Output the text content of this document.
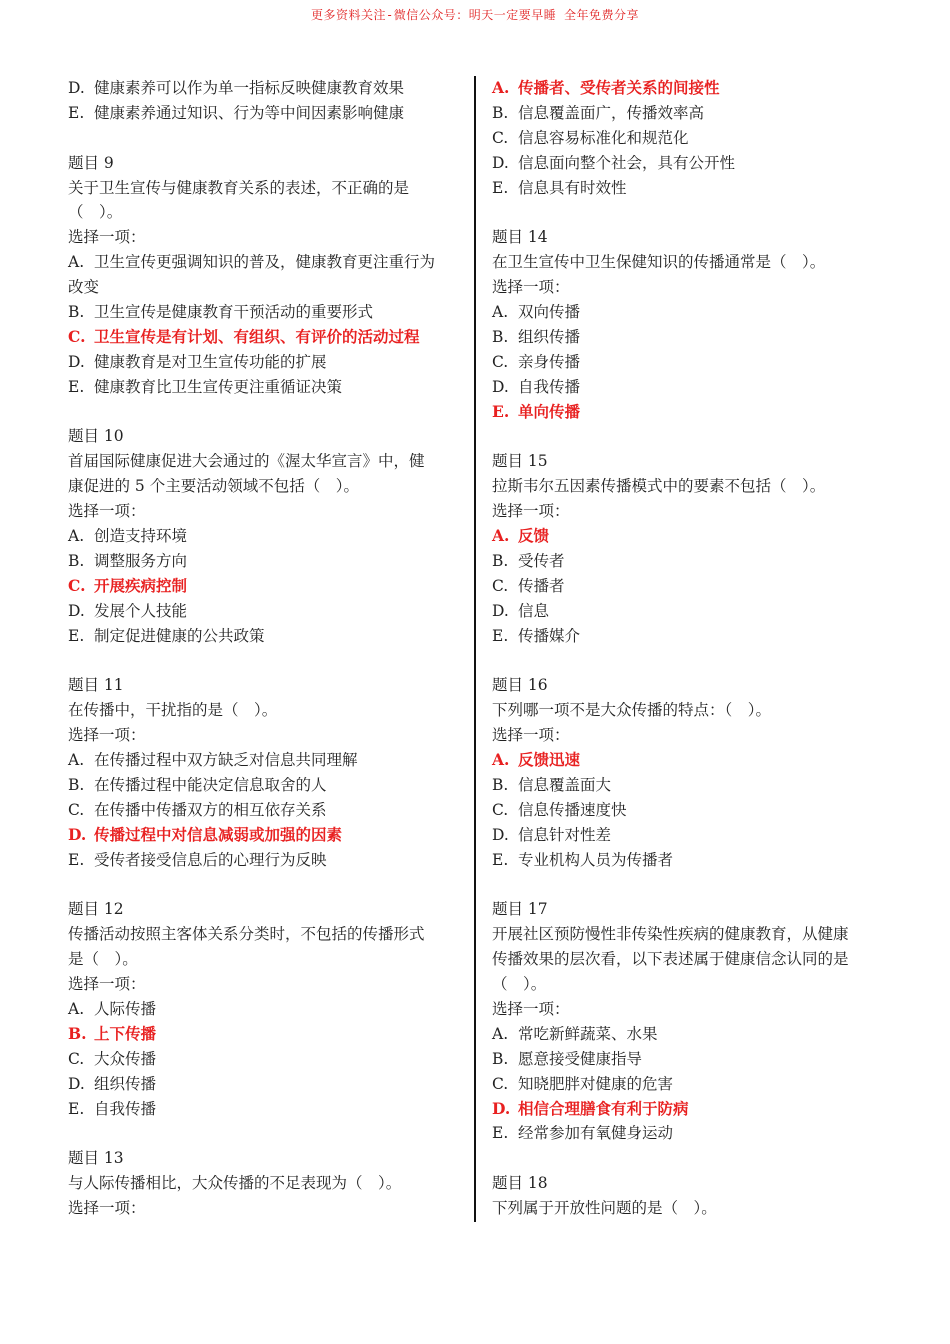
更多资料关注-微信公众号：明天一定要早睡 全年免费分享
D. 健康素养可以作为单一指标反映健康教育效果
E. 健康素养通过知识、行为等中间因素影响健康
题目 9
关于卫生宣传与健康教育关系的表述，不正确的是
（　）。
选择一项：
A. 卫生宣传更强调知识的普及，健康教育更注重行为
改变
B. 卫生宣传是健康教育干预活动的重要形式
C. 卫生宣传是有计划、有组织、有评价的活动过程
D. 健康教育是对卫生宣传功能的扩展
E. 健康教育比卫生宣传更注重循证决策
题目 10
首届国际健康促进大会通过的《渥太华宣言》中，健
康促进的 5 个主要活动领域不包括（　）。
选择一项：
A. 创造支持环境
B. 调整服务方向
C. 开展疾病控制
D. 发展个人技能
E. 制定促进健康的公共政策
题目 11
在传播中，干扰指的是（　）。
选择一项：
A. 在传播过程中双方缺乏对信息共同理解
B. 在传播过程中能决定信息取舍的人
C. 在传播中传播双方的相互依存关系
D. 传播过程中对信息减弱或加强的因素
E. 受传者接受信息后的心理行为反映
题目 12
传播活动按照主客体关系分类时，不包括的传播形式
是（　）。
选择一项：
A. 人际传播
B. 上下传播
C. 大众传播
D. 组织传播
E. 自我传播
题目 13
与人际传播相比，大众传播的不足表现为（　）。
选择一项：
A. 传播者、受传者关系的间接性
B. 信息覆盖面广，传播效率高
C. 信息容易标准化和规范化
D. 信息面向整个社会，具有公开性
E. 信息具有时效性
题目 14
在卫生宣传中卫生保健知识的传播通常是（　）。
选择一项：
A. 双向传播
B. 组织传播
C. 亲身传播
D. 自我传播
E. 单向传播
题目 15
拉斯韦尔五因素传播模式中的要素不包括（　）。
选择一项：
A. 反馈
B. 受传者
C. 传播者
D. 信息
E. 传播媒介
题目 16
下列哪一项不是大众传播的特点：（　）。
选择一项：
A. 反馈迅速
B. 信息覆盖面大
C. 信息传播速度快
D. 信息针对性差
E. 专业机构人员为传播者
题目 17
开展社区预防慢性非传染性疾病的健康教育，从健康
传播效果的层次看，以下表述属于健康信念认同的是
（　）。
选择一项：
A. 常吃新鲜蔬菜、水果
B. 愿意接受健康指导
C. 知晓肥胖对健康的危害
D. 相信合理膳食有利于防病
E. 经常参加有氧健身运动
题目 18
下列属于开放性问题的是（　）。
